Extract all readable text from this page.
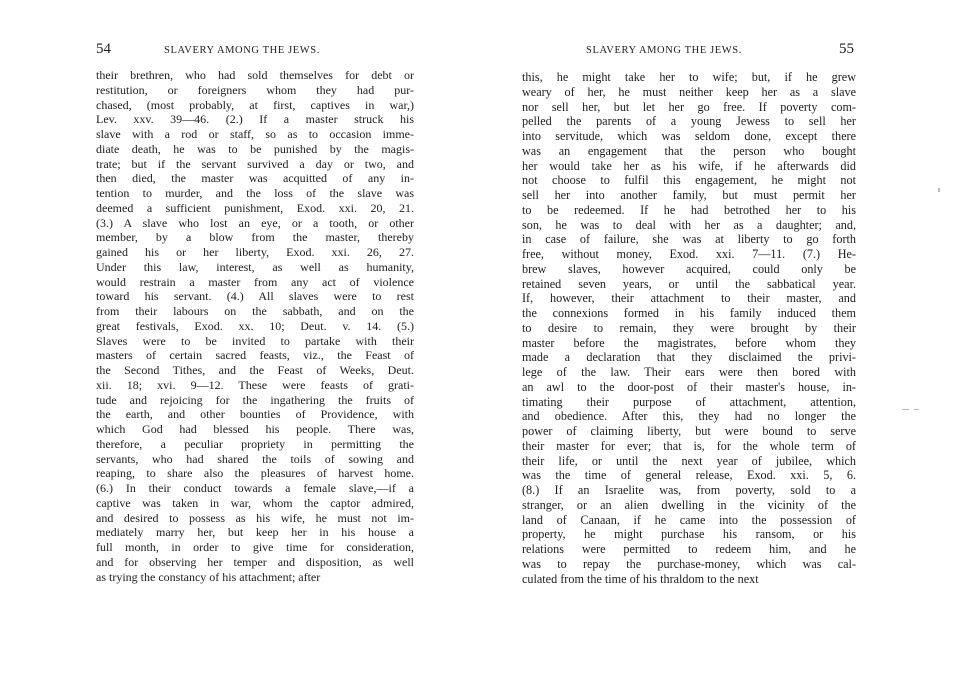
54	SLAVERY AMONG THE JEWS.
their brethren, who had sold themselves for debt or
restitution, or foreigners whom they had pur-
chased, (most probably, at first, captives in war,)
Lev. xxv. 39—46. (2.) If a master struck his
slave with a rod or staff, so as to occasion imme-
diate death, he was to be punished by the magis-
trate; but if the servant survived a day or two, and
then died, the master was acquitted of any in-
tention to murder, and the loss of the slave was
deemed a sufficient punishment, Exod. xxi. 20, 21.
(3.) A slave who lost an eye, or a tooth, or other
member, by a blow from the master, thereby
gained his or her liberty, Exod. xxi. 26, 27.
Under this law, interest, as well as humanity,
would restrain a master from any act of violence
toward his servant. (4.) All slaves were to rest
from their labours on the sabbath, and on the
great festivals, Exod. xx. 10; Deut. v. 14. (5.)
Slaves were to be invited to partake with their
masters of certain sacred feasts, viz., the Feast of
the Second Tithes, and the Feast of Weeks, Deut.
xii. 18; xvi. 9—12. These were feasts of grati-
tude and rejoicing for the ingathering the fruits of
the earth, and other bounties of Providence, with
which God had blessed his people. There was,
therefore, a peculiar propriety in permitting the
servants, who had shared the toils of sowing and
reaping, to share also the pleasures of harvest home.
(6.) In their conduct towards a female slave,—if a
captive was taken in war, whom the captor admired,
and desired to possess as his wife, he must not im-
mediately marry her, but keep her in his house a
full month, in order to give time for consideration,
and for observing her temper and disposition, as well
as trying the constancy of his attachment; after
SLAVERY AMONG THE JEWS.	55
this, he might take her to wife; but, if he grew
weary of her, he must neither keep her as a slave
nor sell her, but let her go free. If poverty com-
pelled the parents of a young Jewess to sell her
into servitude, which was seldom done, except there
was an engagement that the person who bought
her would take her as his wife, if he afterwards did
not choose to fulfil this engagement, he might not
sell her into another family, but must permit her
to be redeemed. If he had betrothed her to his
son, he was to deal with her as a daughter; and,
in case of failure, she was at liberty to go forth
free, without money, Exod. xxi. 7—11. (7.) He-
brew slaves, however acquired, could only be
retained seven years, or until the sabbatical year.
If, however, their attachment to their master, and
the connexions formed in his family induced them
to desire to remain, they were brought by their
master before the magistrates, before whom they
made a declaration that they disclaimed the privi-
lege of the law. Their ears were then bored with
an awl to the door-post of their master's house, in-
timating their purpose of attachment, attention,
and obedience. After this, they had no longer the
power of claiming liberty, but were bound to serve
their master for ever; that is, for the whole term of
their life, or until the next year of jubilee, which
was the time of general release, Exod. xxi. 5, 6.
(8.) If an Israelite was, from poverty, sold to a
stranger, or an alien dwelling in the vicinity of the
land of Canaan, if he came into the possession of
property, he might purchase his ransom, or his
relations were permitted to redeem him, and he
was to repay the purchase-money, which was cal-
culated from the time of his thraldom to the next
